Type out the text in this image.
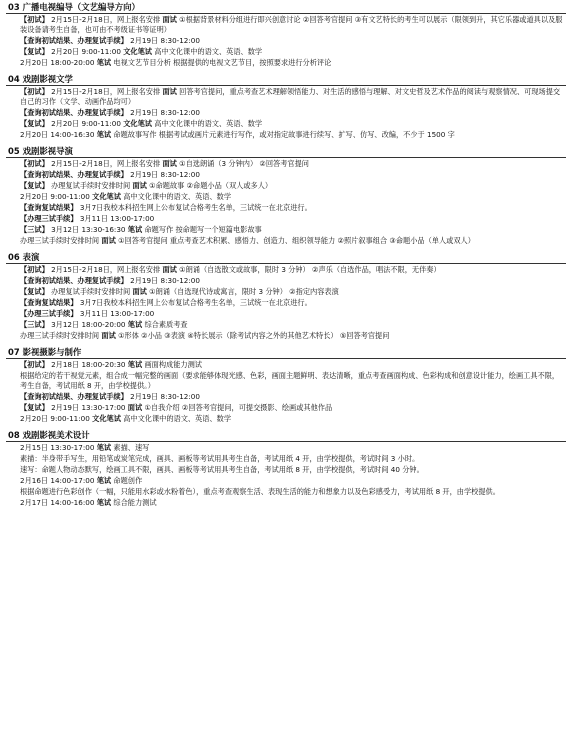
03 广播电视编导（文艺编导方向）
【初试】 2月15日-2月18日，网上报名安排 面试 ①根据背景材料分组进行即兴创意讨论 ②回答考官提问 ③有文艺特长的考生可以展示（限领到升，其它乐器或道具以及服装设备请考生自备，也可由不考级证书等证明）
【查询初试结果、办理复试手续】 2月19日 8:30-12:00
【复试】 2月20日 9:00-11:00 文化笔试 高中文化课中的语文、英语、数学
2月20日 18:00-20:00 笔试 电视文艺节目分析 根据提供的电视文艺节目，按照要求进行分析评论
04 戏剧影视文学
【初试】 2月15日-2月18日，网上报名安排 面试 回答考官提问，重点考查艺术理解领悟能力、对生活的感悟与理解、对文史哲及艺术作品的阅读与观察情况、可现场提交自己的习作（文学、动画作品均可）
【查询初试结果、办理复试手续】 2月19日 8:30-12:00
【复试】 2月20日 9:00-11:00 文化笔试 高中文化课中的语文、英语、数学
2月20日 14:00-16:30 笔试 命题故事写作 根据考试或画片元素进行写作，或对指定故事进行续写、扩写、仿写、改编，不少于 1500 字
05 戏剧影视导演
【初试】 2月15日-2月18日，网上报名安排 面试 ①自选朗诵（3 分钟内） ②回答考官提问
【查询初试结果、办理复试手续】 2月19日 8:30-12:00
【复试】 办理复试手续时安排时间 面试 ①命题故事 ②命题小品（双人或多人）
2月20日 9:00-11:00 文化笔试 高中文化课中的语文、英语、数学
【查询复试结果】 3月7日我校本科招生网上公布复试合格考生名单，三试统一在北京进行。
【办理三试手续】 3月11日 13:00-17:00
【三试】 3月12日 13:30-16:30 笔试 命题写作 按命题写一个短篇电影故事
办理三试手续时安排时间 面试 ①回答考官提问 重点考查艺术积累、感悟力、创造力、组织领导能力 ②照片叙事组合 ③命题小品（单人或双人）
06 表演
【初试】 2月15日-2月18日，网上报名安排 面试 ①朗诵（自选散文或故事，限时 3 分钟） ②声乐（自选作品，唱法不限，无伴奏）
【查询初试结果、办理复试手续】 2月19日 8:30-12:00
【复试】 办理复试手续时安排时间 面试 ①朗诵（自选现代诗或寓言，限时 3 分钟） ②指定内容表演
【查询复试结果】 3月7日我校本科招生网上公布复试合格考生名单，三试统一在北京进行。
【办理三试手续】 3月11日 13:00-17:00
【三试】 3月12日 18:00-20:00 笔试 综合素质考查
办理三试手续时安排时间 面试 ①形体 ②小品 ③表演 ④特长展示（除考试内容之外的其他艺术特长） ⑤回答考官提问
07 影视摄影与制作
【初试】 2月18日 18:00-20:30 笔试 画面构成能力测试
根据给定的若干视觉元素，组合成一幅完整的画面（要求能够体现光感、色彩，画面主题鲜明、表达清晰，重点考查画面构成、色彩构成和创意设计能力，绘画工具不限，考生自备，考试用纸 8 开，由学校提供。）
【查询初试结果、办理复试手续】 2月19日 8:30-12:00
【复试】 2月19日 13:30-17:00 面试 ①自我介绍 ②回答考官提问，可提交摄影、绘画或其他作品
2月20日 9:00-11:00 文化笔试 高中文化课中的语文、英语、数学
08 戏剧影视美术设计
2月15日 13:30-17:00 笔试 素描、速写
素描：半身带手写生，用铅笔或炭笔完成，画具、画板等考试用具考生自备，考试用纸 4 开，由学校提供，考试时间 3 小时。
速写：命题人物动态默写，绘画工具不限，画具、画板等考试用具考生自备，考试用纸 8 开，由学校提供，考试时间 40 分钟。
2月16日 14:00-17:00 笔试 命题创作
根据命题进行色彩创作（一幅，只能用水彩或水粉着色），重点考查观察生活、表现生活的能力和想象力以及色彩感受力，考试用纸 8 开，由学校提供。
2月17日 14:00-16:00 笔试 综合能力测试
